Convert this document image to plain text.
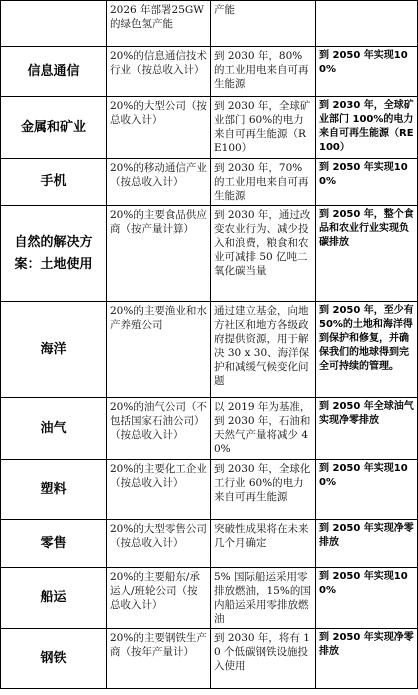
	2026 年部署25GW 的绿色氢产能	产能	
信息通信	20%的信息通信技术行业（按总收入计）	到 2030 年，80%的工业用电来自可再生能源	到 2050 年实现100%
金属和矿业	20%的大型公司（按总收入计）	到 2030 年，全球矿业部门 60%的电力来自可再生能源（RE100）	到 2030 年，全球矿业部门 100%的电力来自可再生能源（RE100）
手机	20%的移动通信产业（按总收入计）	到 2030 年，70%的工业用电来自可再生能源	到 2050 年实现100%
自然的解决方案：土地使用	20%的主要食品供应商（按产量计算）	到 2030 年，通过改变农业行为、减少投入和浪费，粮食和农业可减排 50 亿吨二氧化碳当量	到 2050 年，整个食品和农业行业实现负碳排放
海洋	20%的主要渔业和水产养殖公司	通过建立基金，向地方社区和地方各级政府提供资源，用于解决 30 x 30、海洋保护和减缓气候变化问题	到 2050 年，至少有 50%的土地和海洋得到保护和修复，并确保我们的地球得到完全可持续的管理。
油气	20%的油气公司（不包括国家石油公司）（按总收入计）	以 2019 年为基准，到 2030 年，石油和天然气产量将减少 40%	到 2050 年全球油气实现净零排放
塑料	20%的主要化工企业（按总收入计）	到 2030 年，全球化工行业 60%的电力来自可再生能源	到 2050 年实现100%
零售	20%的大型零售公司（按总收入计）	突破性成果将在未来几个月确定	到 2050 年实现净零排放
船运	20%的主要船东/承运人/班轮公司（按总收入计）	5% 国际船运采用零排放燃油，15%的国内船运采用零排放燃油	到 2050 年实现100%
钢铁	20%的主要钢铁生产商（按年产量计）	到 2030 年，将有 10 个低碳钢铁设施投入使用	到 2050 年实现净零排放
